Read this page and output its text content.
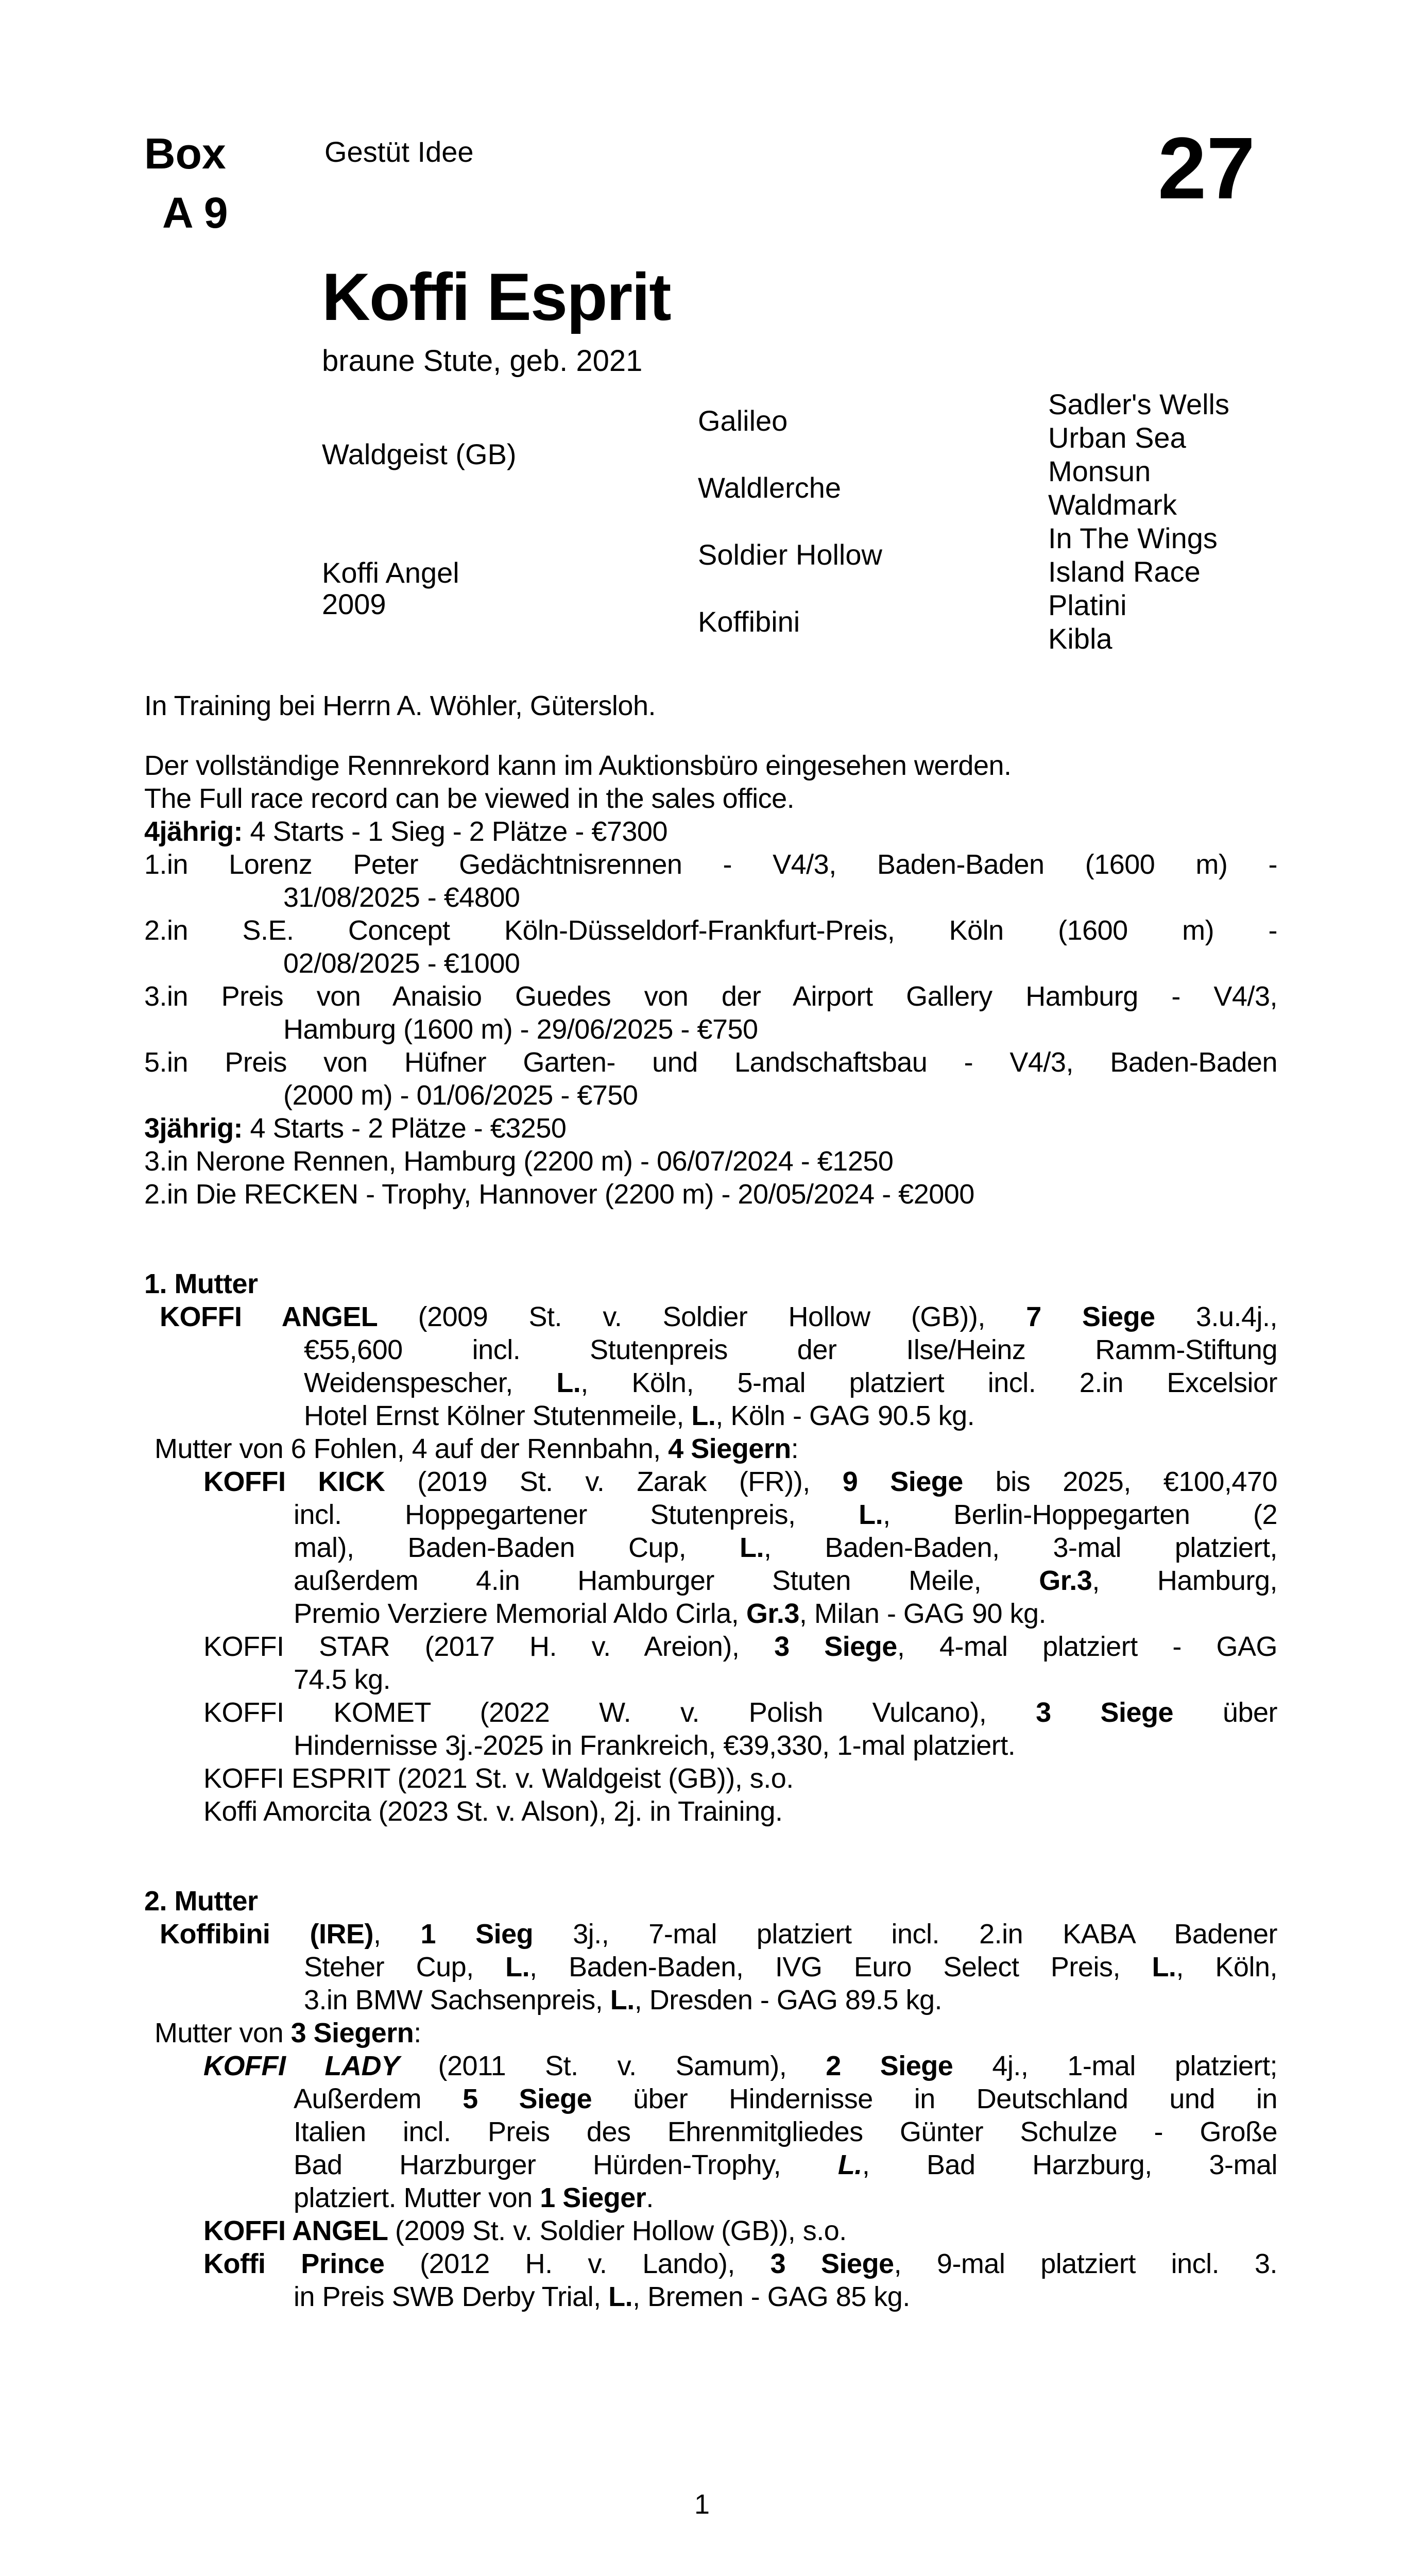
Box
A 9
Gestüt Idee	27
Koffi Esprit
braune Stute, geb. 2021
Waldgeist (GB)
Koffi Angel
2009
Galileo
Waldlerche
Soldier Hollow
Koffibini
Sadler's Wells
Urban Sea
Monsun
Waldmark
In The Wings
Island Race
Platini
Kibla
In Training bei Herrn A. Wöhler, Gütersloh.
Der vollständige Rennrekord kann im Auktionsbüro eingesehen werden.
The Full race record can be viewed in the sales office.
4jährig: 4 Starts - 1 Sieg - 2 Plätze - €7300
1.in Lorenz Peter Gedächtnisrennen - V4/3, Baden-Baden (1600 m) -
31/08/2025 - €4800
2.in S.E. Concept Köln-Düsseldorf-Frankfurt-Preis, Köln (1600 m) -
02/08/2025 - €1000
3.in Preis von Anaisio Guedes von der Airport Gallery Hamburg - V4/3,
Hamburg (1600 m) - 29/06/2025 - €750
5.in Preis von Hüfner Garten- und Landschaftsbau - V4/3, Baden-Baden
(2000 m) - 01/06/2025 - €750
3jährig: 4 Starts - 2 Plätze - €3250
3.in Nerone Rennen, Hamburg (2200 m) - 06/07/2024 - €1250
2.in Die RECKEN - Trophy, Hannover (2200 m) - 20/05/2024 - €2000
1. Mutter
KOFFI ANGEL (2009 St. v. Soldier Hollow (GB)), 7 Siege 3.u.4j.,
€55,600 incl. Stutenpreis der Ilse/Heinz Ramm-Stiftung
Weidenspescher, L., Köln, 5-mal platziert incl. 2.in Excelsior
Hotel Ernst Kölner Stutenmeile, L., Köln - GAG 90.5 kg.
Mutter von 6 Fohlen, 4 auf der Rennbahn, 4 Siegern:
KOFFI KICK (2019 St. v. Zarak (FR)), 9 Siege bis 2025, €100,470
incl. Hoppegartener Stutenpreis, L., Berlin-Hoppegarten (2
mal), Baden-Baden Cup, L., Baden-Baden, 3-mal platziert,
außerdem 4.in Hamburger Stuten Meile, Gr.3, Hamburg,
Premio Verziere Memorial Aldo Cirla, Gr.3, Milan - GAG 90 kg.
KOFFI STAR (2017 H. v. Areion), 3 Siege, 4-mal platziert - GAG
74.5 kg.
KOFFI KOMET (2022 W. v. Polish Vulcano), 3 Siege über
Hindernisse 3j.-2025 in Frankreich, €39,330, 1-mal platziert.
KOFFI ESPRIT (2021 St. v. Waldgeist (GB)), s.o.
Koffi Amorcita (2023 St. v. Alson), 2j. in Training.
2. Mutter
Koffibini (IRE), 1 Sieg 3j., 7-mal platziert incl. 2.in KABA Badener
Steher Cup, L., Baden-Baden, IVG Euro Select Preis, L., Köln,
3.in BMW Sachsenpreis, L., Dresden - GAG 89.5 kg.
Mutter von 3 Siegern:
KOFFI LADY (2011 St. v. Samum), 2 Siege 4j., 1-mal platziert;
Außerdem 5 Siege über Hindernisse in Deutschland und in
Italien incl. Preis des Ehrenmitgliedes Günter Schulze - Große
Bad Harzburger Hürden-Trophy, L., Bad Harzburg, 3-mal
platziert. Mutter von 1 Sieger.
KOFFI ANGEL (2009 St. v. Soldier Hollow (GB)), s.o.
Koffi Prince (2012 H. v. Lando), 3 Siege, 9-mal platziert incl. 3.
in Preis SWB Derby Trial, L., Bremen - GAG 85 kg.
1
